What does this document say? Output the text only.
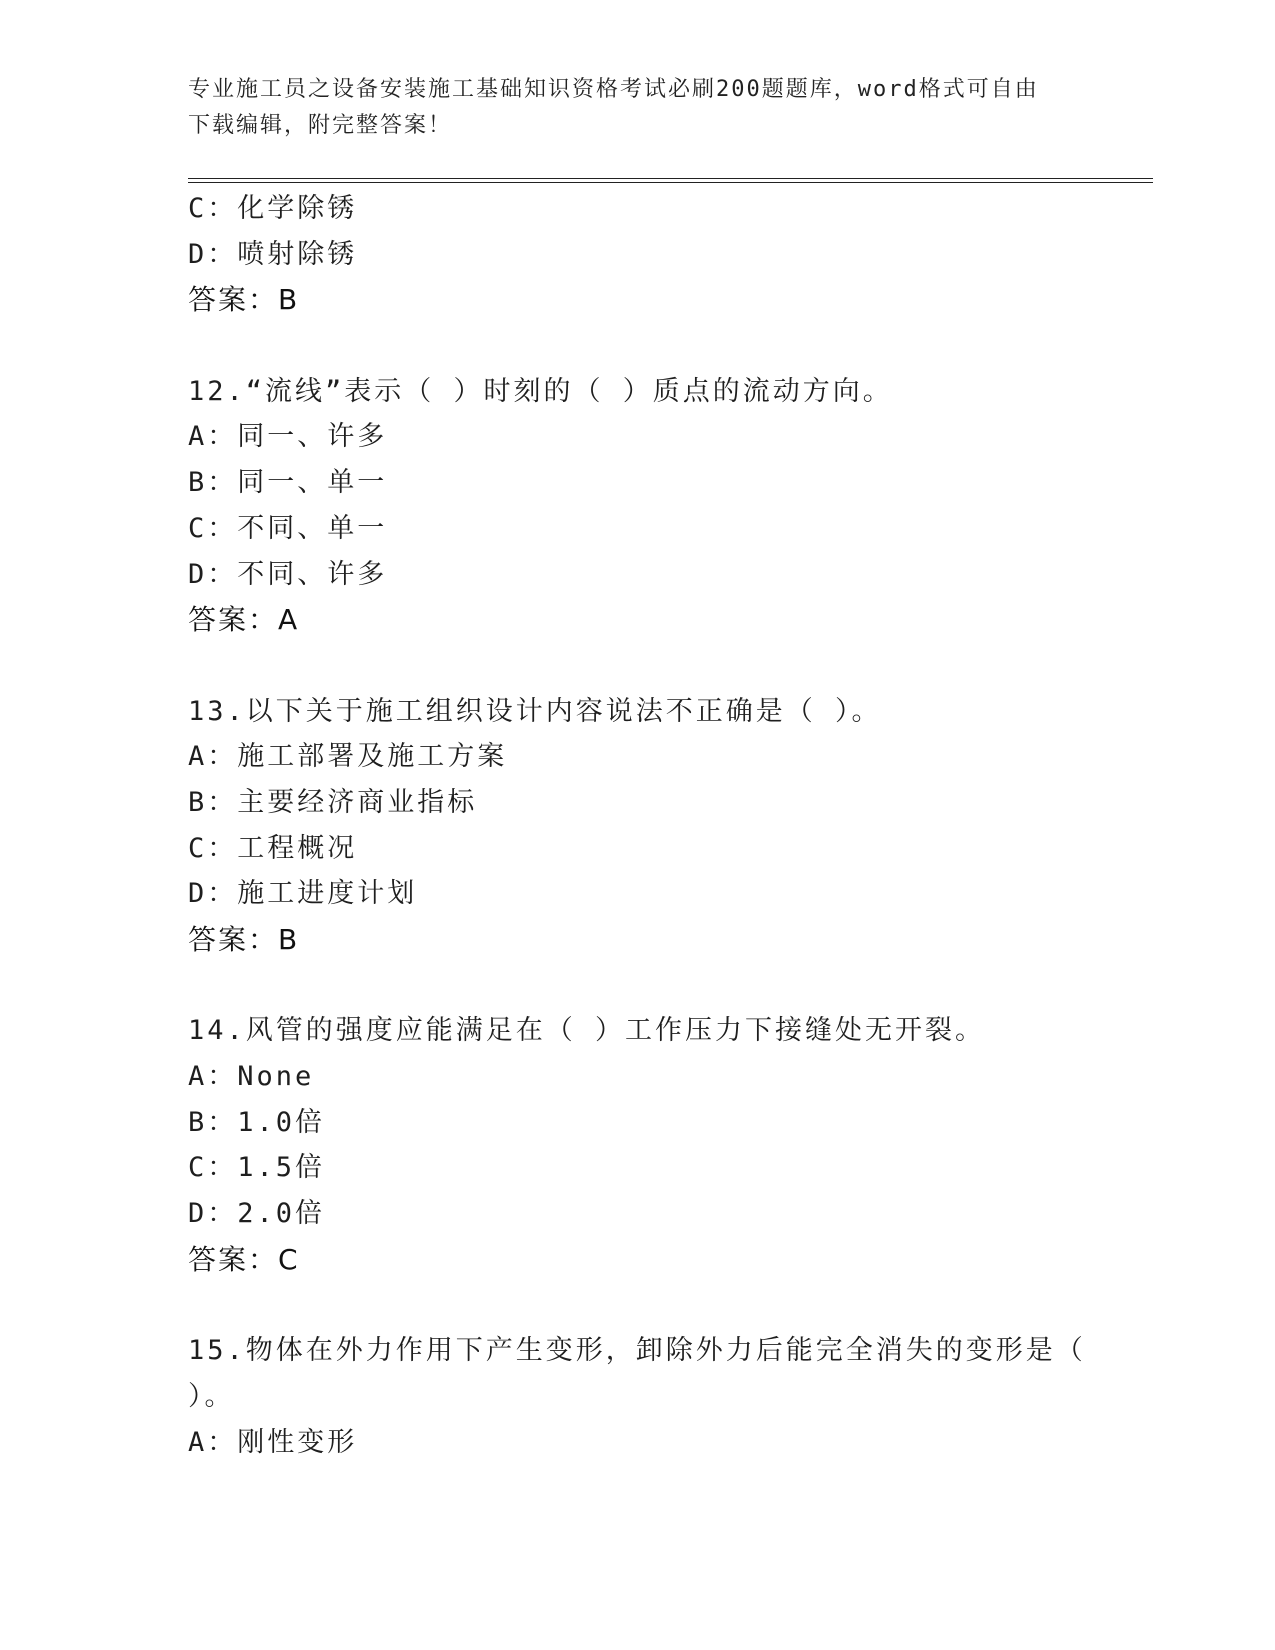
专业施工员之设备安装施工基础知识资格考试必刷200题题库，word格式可自由
下载编辑，附完整答案！
C：化学除锈
D：喷射除锈
答案：B
12.“流线”表示（ ）时刻的（ ）质点的流动方向。
A：同一、许多
B：同一、单一
C：不同、单一
D：不同、许多
答案：A
13.以下关于施工组织设计内容说法不正确是（ ）。
A：施工部署及施工方案
B：主要经济商业指标
C：工程概况
D：施工进度计划
答案：B
14.风管的强度应能满足在（ ）工作压力下接缝处无开裂。
A：None
B：1.0倍
C：1.5倍
D：2.0倍
答案：C
15.物体在外力作用下产生变形，卸除外力后能完全消失的变形是（
）。
A：刚性变形
